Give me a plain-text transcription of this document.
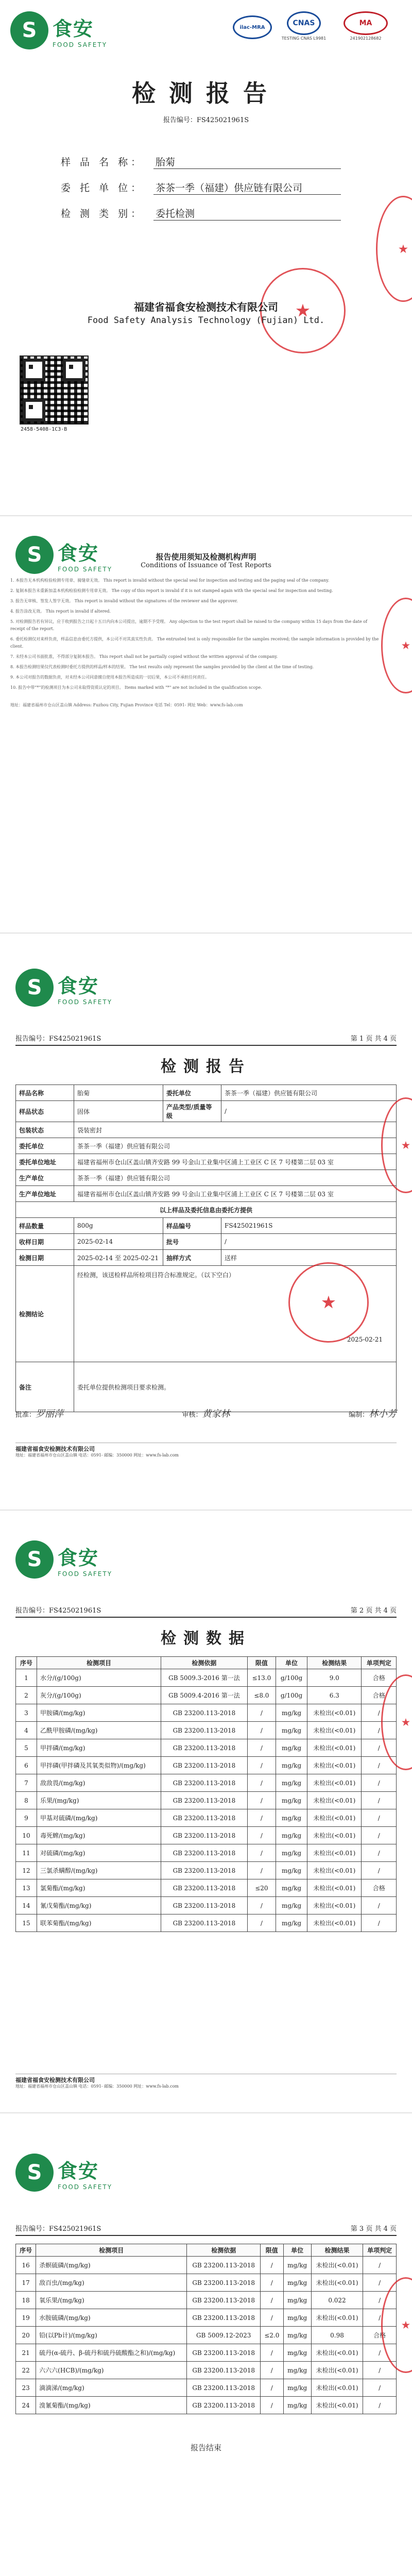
S 食安
FOOD SAFETY
ilac-MRA	CNAS
TESTING CNAS L9981
MA
241902128682
检测报告
报告编号：FS425021961S
样 品 名 称：	胎菊
委 托 单 位：	茶茶一季（福建）供应链有限公司
检 测 类 别：	委托检测
★
★
福建省福食安检测技术有限公司
Food Safety Analysis Technology (Fujian) Ltd.
2458-5408-1C3-B
S 食安
FOOD SAFETY
报告使用须知及检测机构声明
Conditions of Issuance of Test Reports

1. 本报告无本机构检验检测专用章、骑缝章无效。 This report is invalid without the special seal for inspection and testing and the paging seal of the company.

2. 复制本报告未重新加盖本机构检验检测专用章无效。 The copy of this report is invalid if it is not stamped again with the special seal for inspection and testing.

3. 报告无审核、签发人签字无效。 This report is invalid without the signatures of the reviewer and the approver.

4. 报告涂改无效。 This report is invalid if altered.

5. 对检测报告若有异议，应于收到报告之日起十五日内向本公司提出，逾期不予受理。 Any objection to the test report shall be raised to the company within 15 days from the date of receipt of the report.

6. 委托检测仅对来样负责，样品信息由委托方提供，本公司不对其真实性负责。 The entrusted test is only responsible for the samples received; the sample information is provided by the client.

7. 未经本公司书面批准，不得部分复制本报告。 This report shall not be partially copied without the written approval of the company.

8. 本报告检测结果仅代表检测时委托方提供的样品/样本的结果。 The test results only represent the samples provided by the client at the time of testing.

9. 本公司对报告的数据负责，对未经本公司同意擅自使用本报告所造成的一切后果，本公司不承担任何责任。

10. 报告中带“*”的检测项目为本公司未取得资质认定的项目。 Items marked with "*" are not included in the qualification scope.

地址：福建省福州市仓山区盖山镇 Address: Fuzhou City, Fujian Province 电话 Tel：0591- 网址 Web：www.fs-lab.com

★
S 食安
FOOD SAFETY
报告编号：FS425021961S	第 1 页 共 4 页
检测报告
样品名称	胎菊	委托单位	茶茶一季（福建）供应链有限公司
样品状态	固体	产品类型/质量等级	/
包装状态	袋装密封		
委托单位	茶茶一季（福建）供应链有限公司		
委托单位地址	福建省福州市仓山区盖山镇齐安路 99 号金山工业集中区浦上工业区 C 区 7 号楼第二层 03 室		
生产单位	茶茶一季（福建）供应链有限公司		
生产单位地址	福建省福州市仓山区盖山镇齐安路 99 号金山工业集中区浦上工业区 C 区 7 号楼第二层 03 室		
以上样品及委托信息由委托方提供			
样品数量	800g	样品编号	FS425021961S
收样日期	2025-02-14	批号	/
检测日期	2025-02-14 至 2025-02-21	抽样方式	送样
检测结论	经检测，该送检样品所检项目符合标准规定。（以下空白）
2025-02-21		

备注	委托单位提供检测项目要求检测。		
★
★
批准：罗丽萍	审核：黄家林	编制：林小芳
福建省福食安检测技术有限公司
地址：福建省福州市仓山区盖山镇 电话：0591- 邮编：350000 网址：www.fs-lab.com
S 食安
FOOD SAFETY
报告编号：FS425021961S	第 2 页 共 4 页
检测数据
序号	检测项目	检测依据	限值	单位	检测结果	单项判定
1	水分/(g/100g)	GB 5009.3-2016 第一法	≤13.0	g/100g	9.0	合格
2	灰分/(g/100g)	GB 5009.4-2016 第一法	≤8.0	g/100g	6.3	合格
3	甲胺磷/(mg/kg)	GB 23200.113-2018	/	mg/kg	未检出(<0.01)	/
4	乙酰甲胺磷/(mg/kg)	GB 23200.113-2018	/	mg/kg	未检出(<0.01)	/
5	甲拌磷/(mg/kg)	GB 23200.113-2018	/	mg/kg	未检出(<0.01)	/
6	甲拌磷(甲拌磷及其氧类似物)/(mg/kg)	GB 23200.113-2018	/	mg/kg	未检出(<0.01)	/
7	敌敌畏/(mg/kg)	GB 23200.113-2018	/	mg/kg	未检出(<0.01)	/
8	乐果/(mg/kg)	GB 23200.113-2018	/	mg/kg	未检出(<0.01)	/
9	甲基对硫磷/(mg/kg)	GB 23200.113-2018	/	mg/kg	未检出(<0.01)	/
10	毒死蜱/(mg/kg)	GB 23200.113-2018	/	mg/kg	未检出(<0.01)	/
11	对硫磷/(mg/kg)	GB 23200.113-2018	/	mg/kg	未检出(<0.01)	/
12	三氯杀螨醇/(mg/kg)	GB 23200.113-2018	/	mg/kg	未检出(<0.01)	/
13	氯菊酯/(mg/kg)	GB 23200.113-2018	≤20	mg/kg	未检出(<0.01)	合格
14	氰戊菊酯/(mg/kg)	GB 23200.113-2018	/	mg/kg	未检出(<0.01)	/
15	联苯菊酯/(mg/kg)	GB 23200.113-2018	/	mg/kg	未检出(<0.01)	/
★
福建省福食安检测技术有限公司
地址：福建省福州市仓山区盖山镇 电话：0591- 邮编：350000 网址：www.fs-lab.com
S 食安
FOOD SAFETY
报告编号：FS425021961S	第 3 页 共 4 页
序号	检测项目	检测依据	限值	单位	检测结果	单项判定
16	杀螟硫磷/(mg/kg)	GB 23200.113-2018	/	mg/kg	未检出(<0.01)	/
17	敌百虫/(mg/kg)	GB 23200.113-2018	/	mg/kg	未检出(<0.01)	/
18	氧乐果/(mg/kg)	GB 23200.113-2018	/	mg/kg	0.022	/
19	水胺硫磷/(mg/kg)	GB 23200.113-2018	/	mg/kg	未检出(<0.01)	/
20	铅(以Pb计)/(mg/kg)	GB 5009.12-2023	≤2.0	mg/kg	0.98	合格
21	硫丹(α-硫丹、β-硫丹和硫丹硫酸酯之和)/(mg/kg)	GB 23200.113-2018	/	mg/kg	未检出(<0.01)	/
22	六六六(HCB)/(mg/kg)	GB 23200.113-2018	/	mg/kg	未检出(<0.01)	/
23	滴滴涕/(mg/kg)	GB 23200.113-2018	/	mg/kg	未检出(<0.01)	/
24	溴氰菊酯/(mg/kg)	GB 23200.113-2018	/	mg/kg	未检出(<0.01)	/
报告结束
★
